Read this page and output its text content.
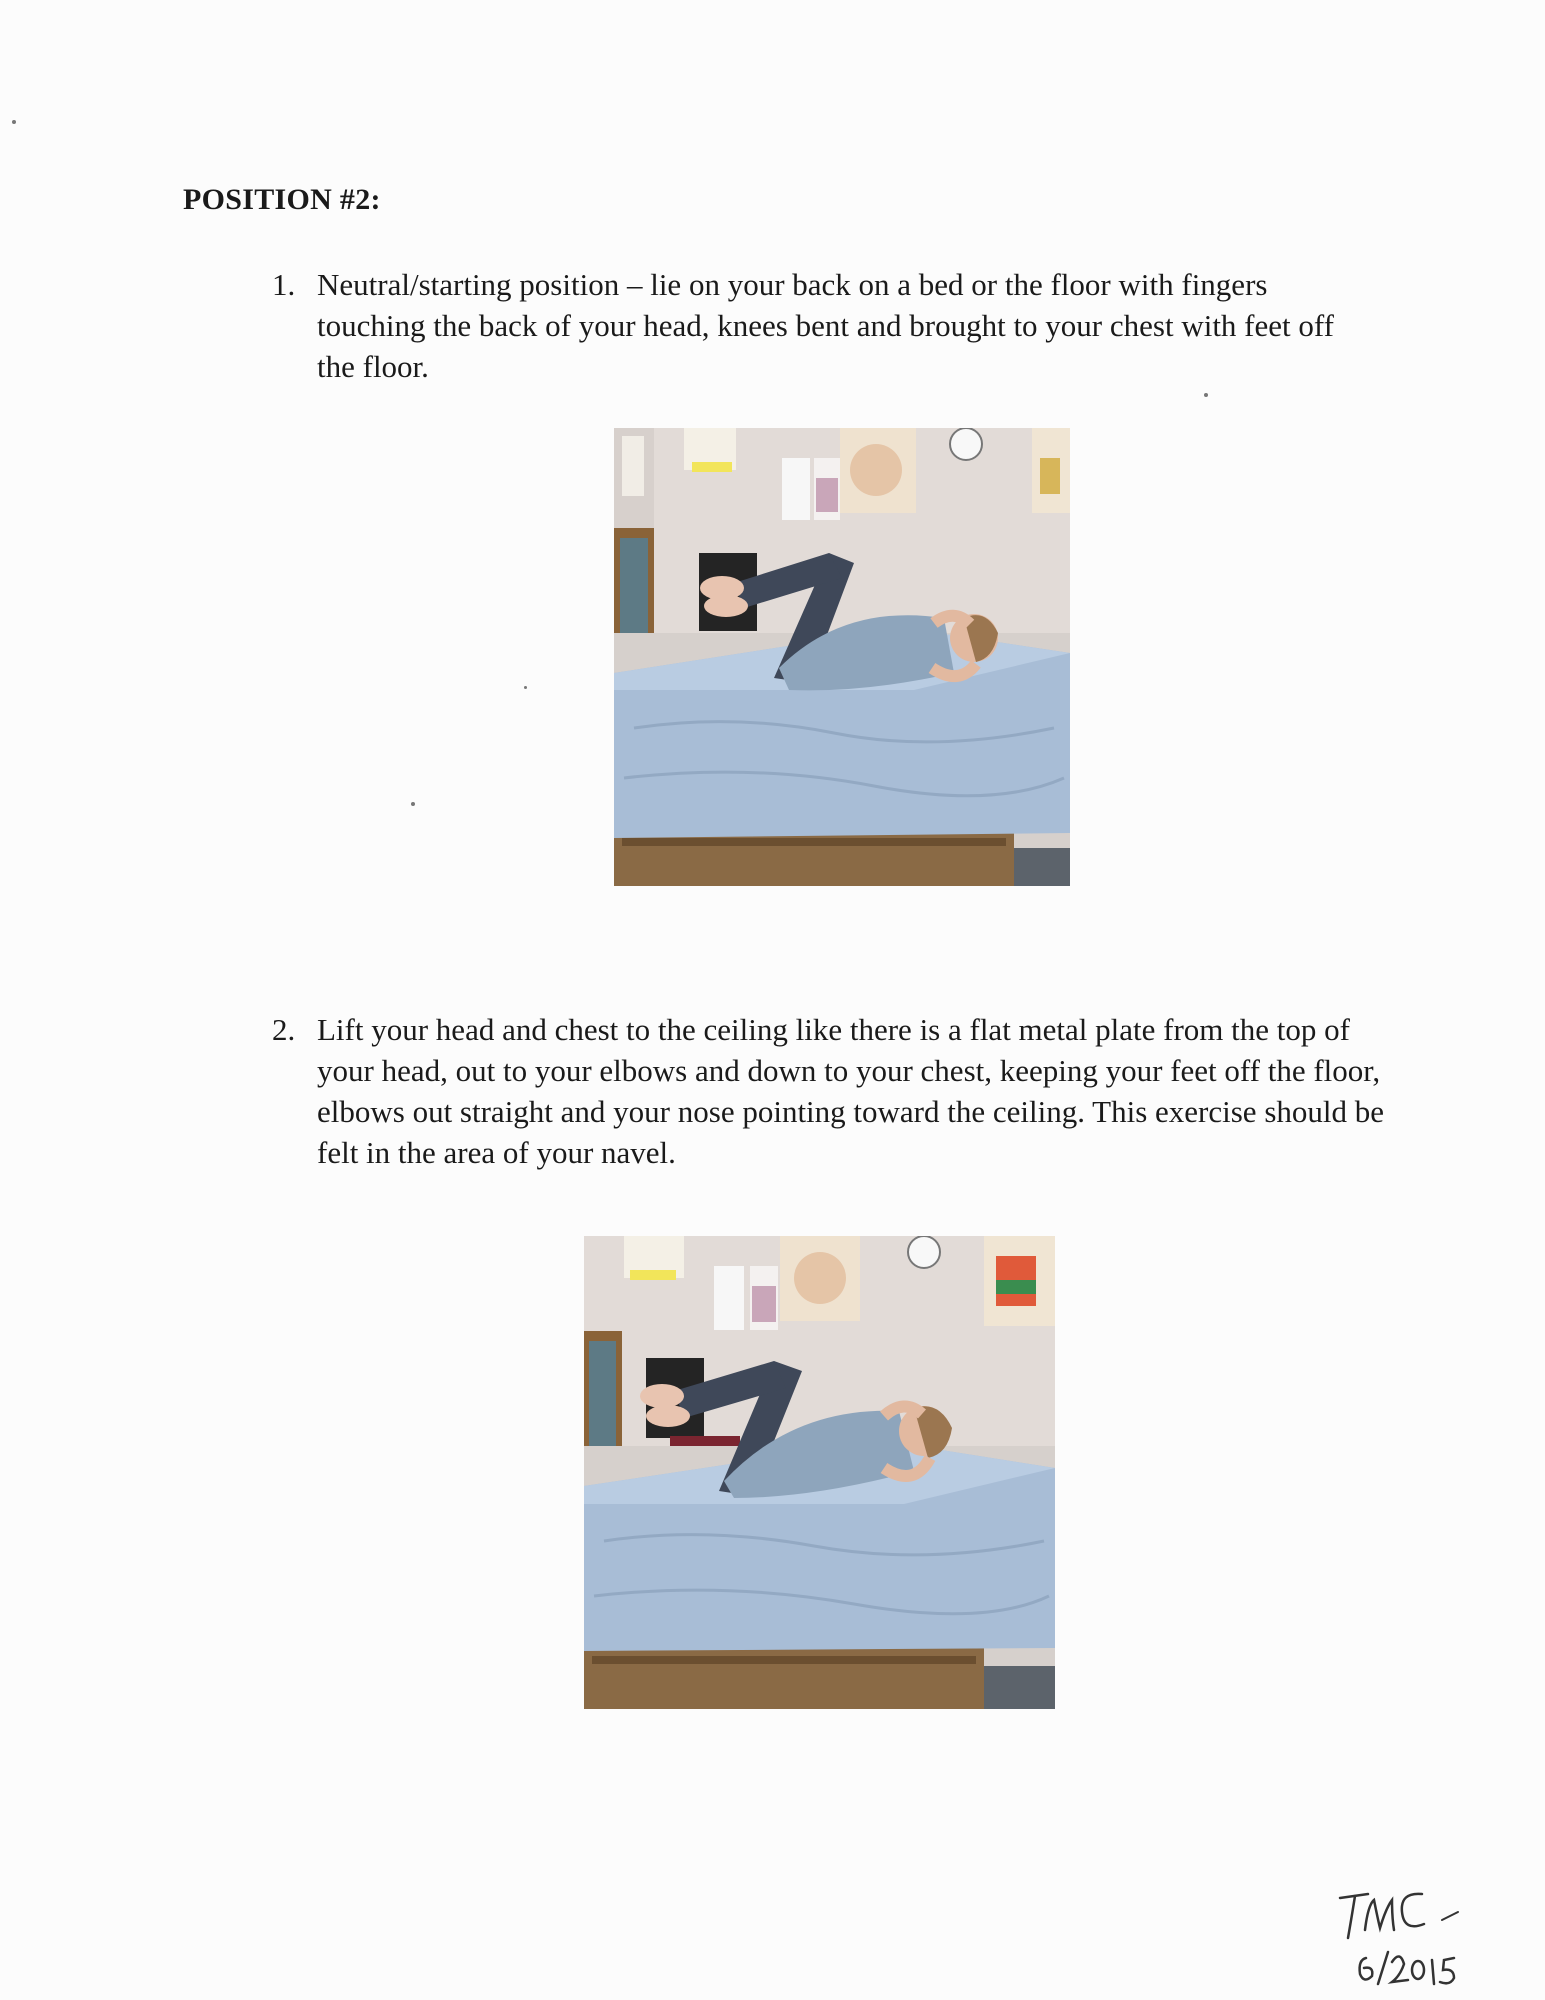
POSITION #2:
1. Neutral/starting position – lie on your back on a bed or the floor with fingers touching the back of your head, knees bent and brought to your chest with feet off the floor.
2. Lift your head and chest to the ceiling like there is a flat metal plate from the top of your head, out to your elbows and down to your chest, keeping your feet off the floor, elbows out straight and your nose pointing toward the ceiling. This exercise should be felt in the area of your navel.
